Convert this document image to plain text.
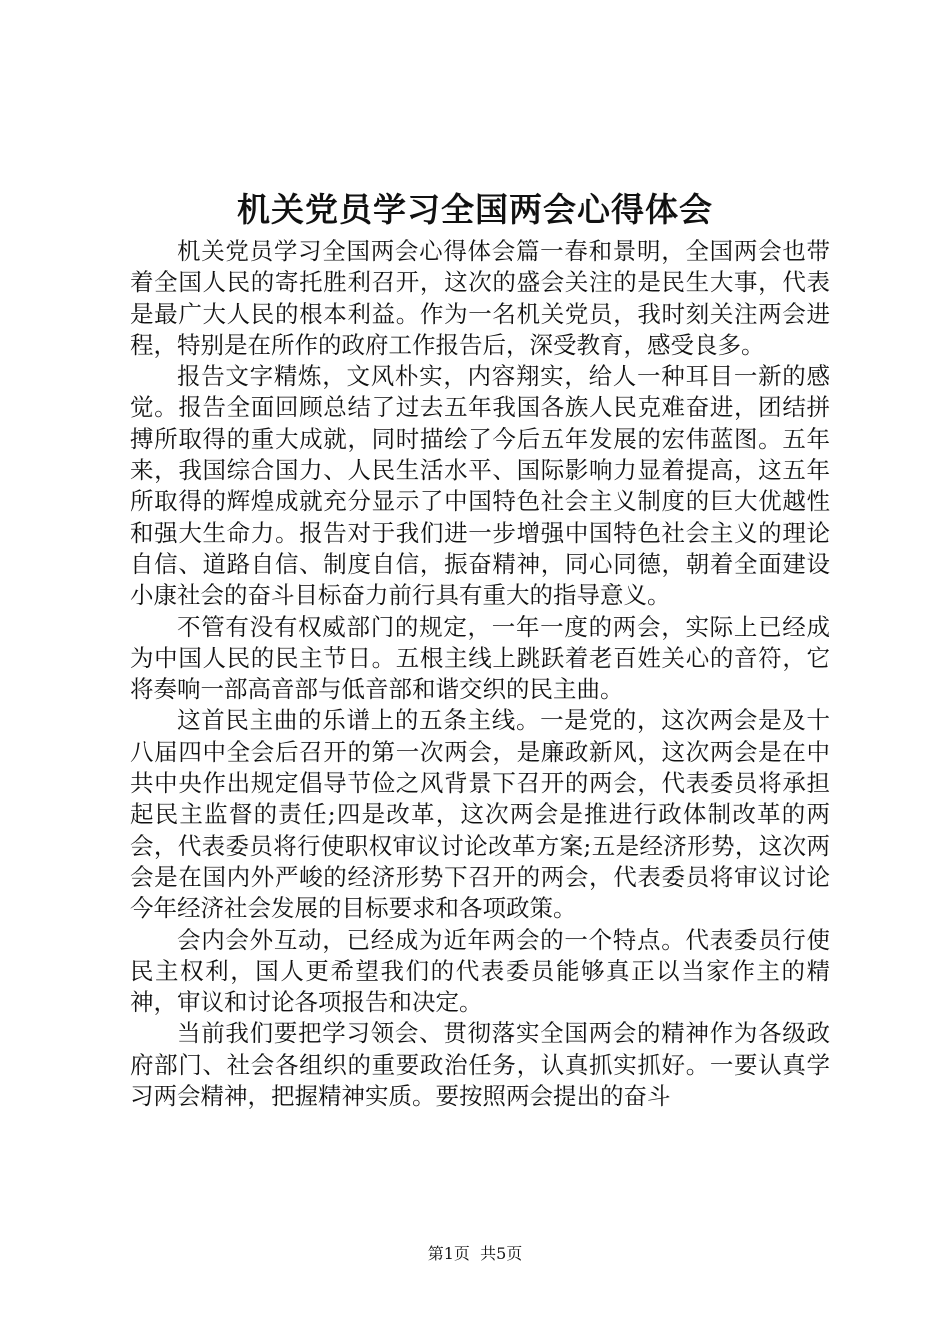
机关党员学习全国两会心得体会

机关党员学习全国两会心得体会篇一春和景明，全国两会也带着全国人民的寄托胜利召开，这次的盛会关注的是民生大事，代表是最广大人民的根本利益。作为一名机关党员，我时刻关注两会进程，特别是在所作的政府工作报告后，深受教育，感受良多。

报告文字精炼，文风朴实，内容翔实，给人一种耳目一新的感觉。报告全面回顾总结了过去五年我国各族人民克难奋进，团结拼搏所取得的重大成就，同时描绘了今后五年发展的宏伟蓝图。五年来，我国综合国力、人民生活水平、国际影响力显着提高，这五年所取得的辉煌成就充分显示了中国特色社会主义制度的巨大优越性和强大生命力。报告对于我们进一步增强中国特色社会主义的理论自信、道路自信、制度自信，振奋精神，同心同德，朝着全面建设小康社会的奋斗目标奋力前行具有重大的指导意义。

不管有没有权威部门的规定，一年一度的两会，实际上已经成为中国人民的民主节日。五根主线上跳跃着老百姓关心的音符，它将奏响一部高音部与低音部和谐交织的民主曲。

这首民主曲的乐谱上的五条主线。一是党的，这次两会是及十八届四中全会后召开的第一次两会，是廉政新风，这次两会是在中共中央作出规定倡导节俭之风背景下召开的两会，代表委员将承担起民主监督的责任;四是改革，这次两会是推进行政体制改革的两会，代表委员将行使职权审议讨论改革方案;五是经济形势，这次两会是在国内外严峻的经济形势下召开的两会，代表委员将审议讨论今年经济社会发展的目标要求和各项政策。

会内会外互动，已经成为近年两会的一个特点。代表委员行使民主权利，国人更希望我们的代表委员能够真正以当家作主的精神，审议和讨论各项报告和决定。

当前我们要把学习领会、贯彻落实全国两会的精神作为各级政府部门、社会各组织的重要政治任务，认真抓实抓好。一要认真学习两会精神，把握精神实质。要按照两会提出的奋斗

第1页  共5页
